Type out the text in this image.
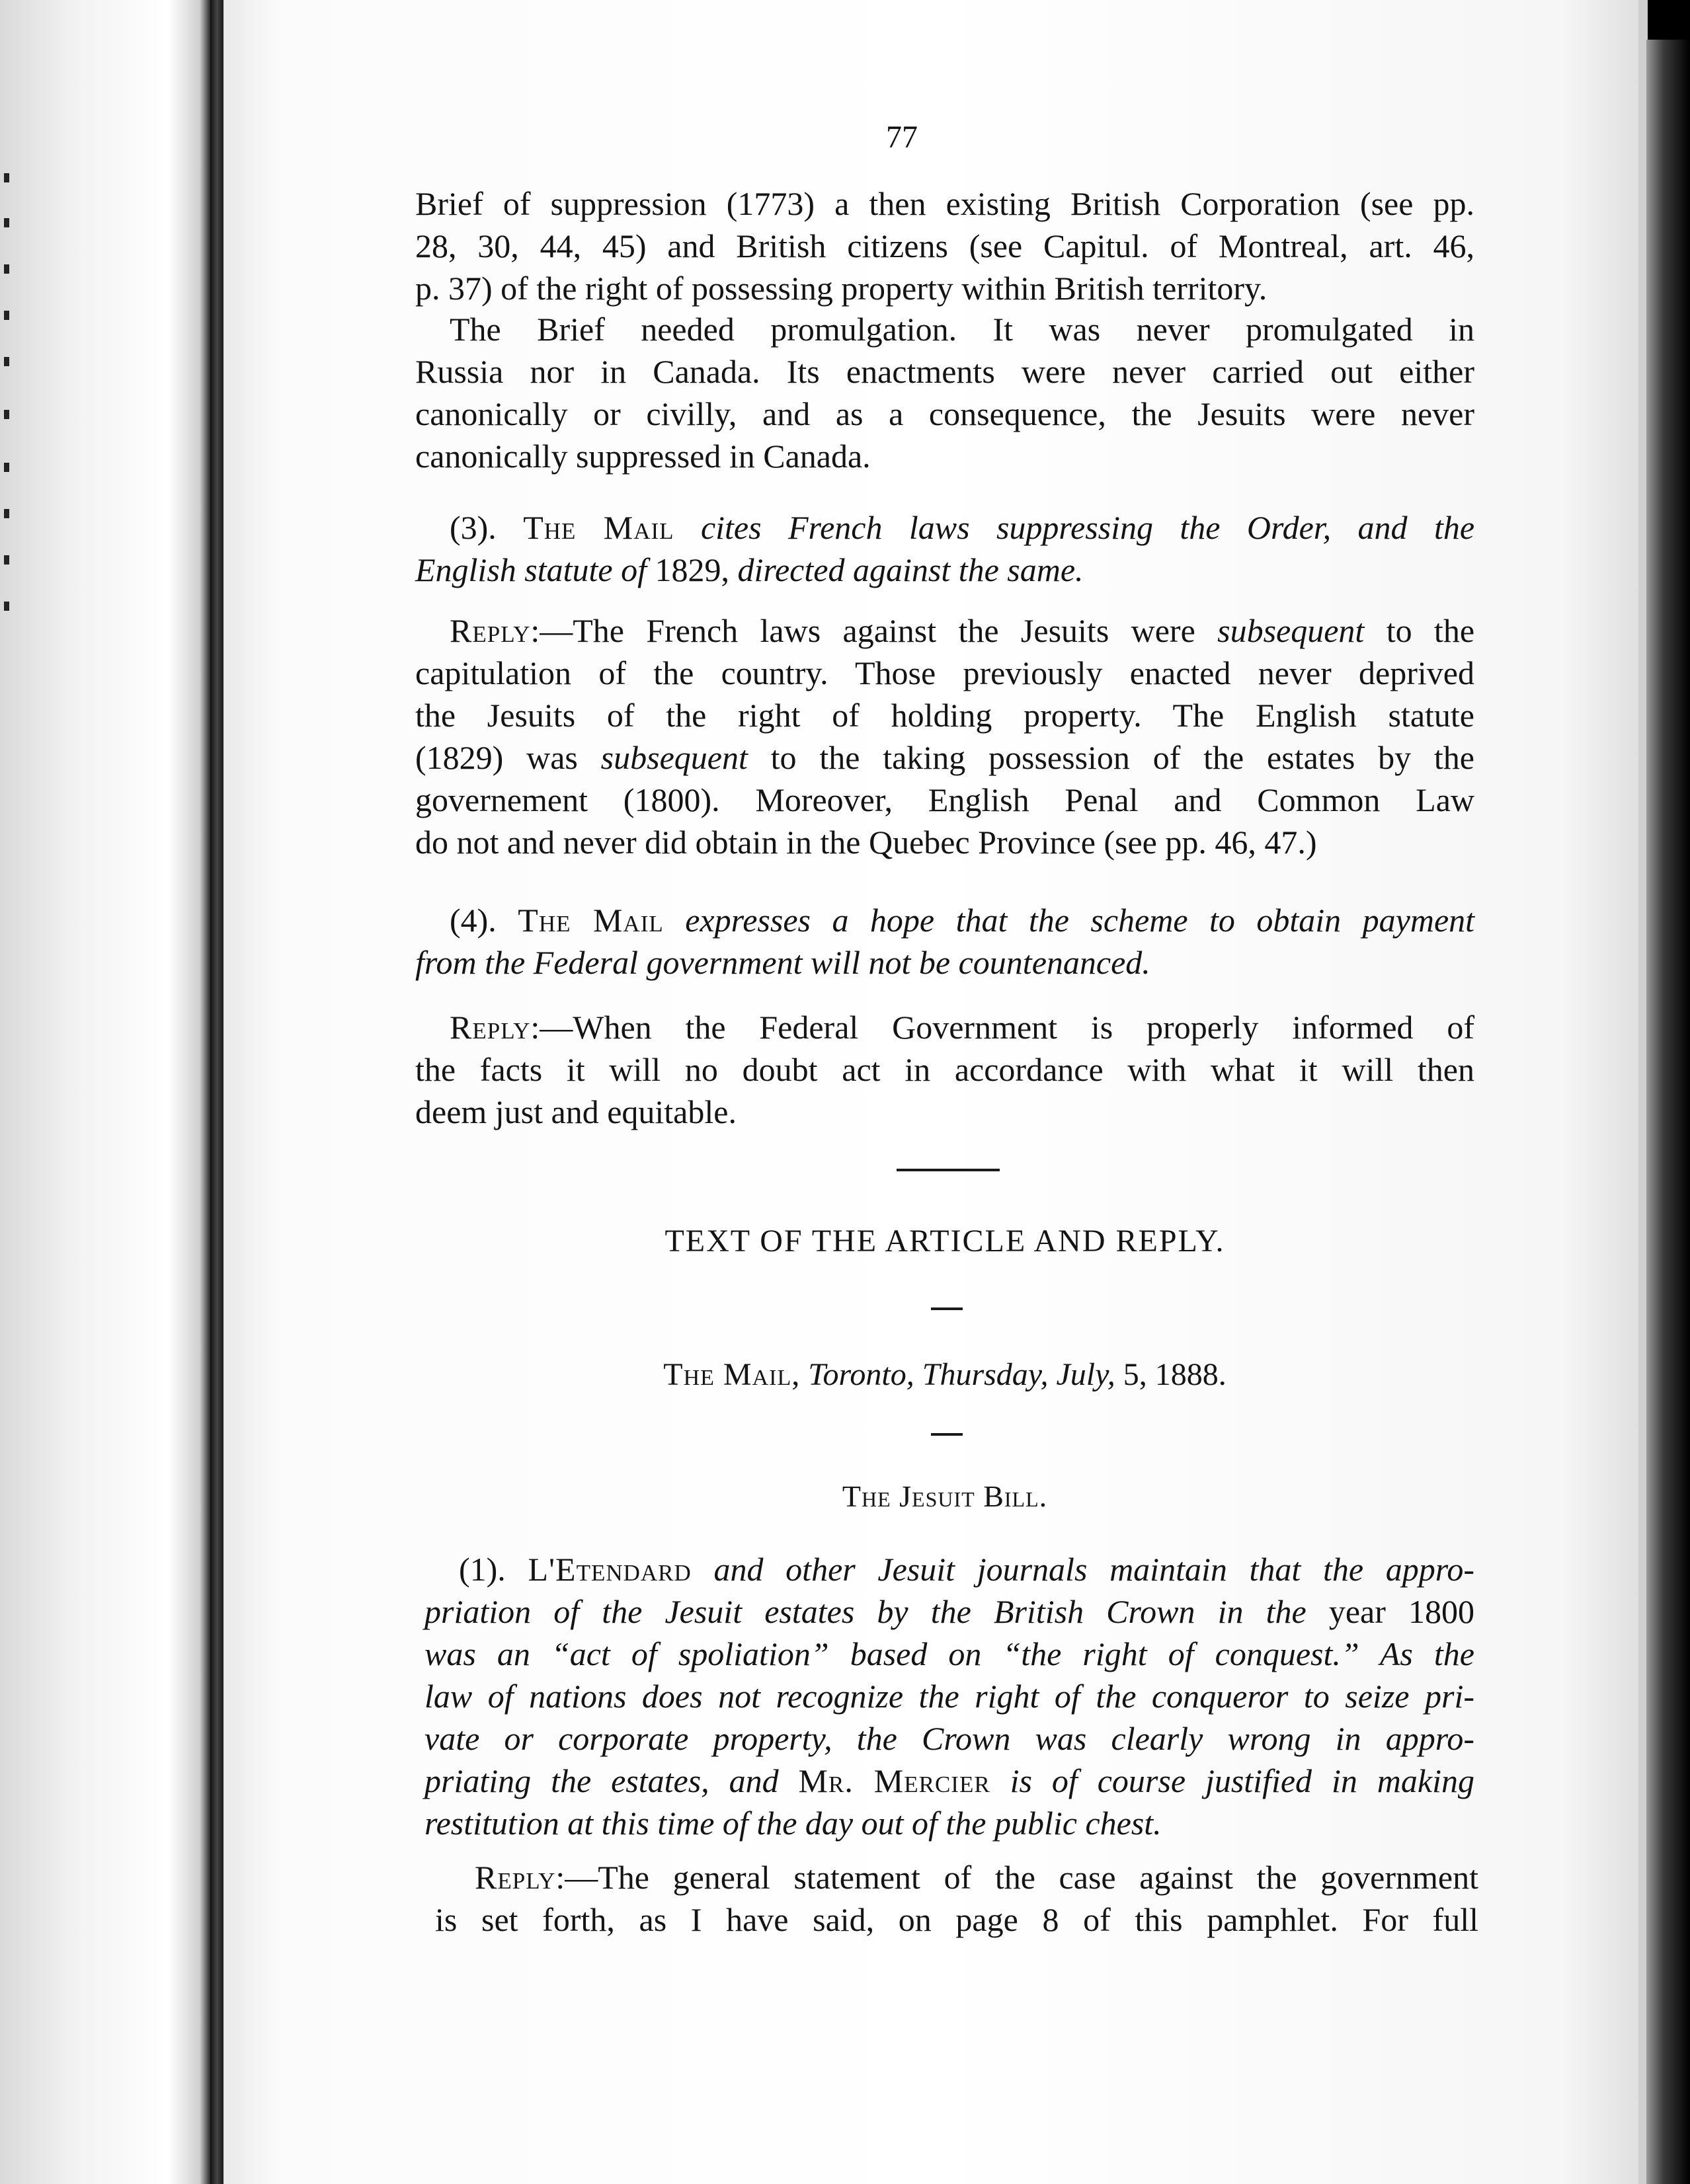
77
Brief of suppression (1773) a then existing British Corporation (see pp.
28, 30, 44, 45) and British citizens (see Capitul. of Montreal, art. 46,
p. 37) of the right of possessing property within British territory.
The Brief needed promulgation. It was never promulgated in
Russia nor in Canada. Its enactments were never carried out either
canonically or civilly, and as a consequence, the Jesuits were never
canonically suppressed in Canada.
(3). The Mail cites French laws suppressing the Order, and the
English statute of 1829, directed against the same.
Reply:—The French laws against the Jesuits were subsequent to the
capitulation of the country. Those previously enacted never deprived
the Jesuits of the right of holding property. The English statute
(1829) was subsequent to the taking possession of the estates by the
governement (1800). Moreover, English Penal and Common Law
do not and never did obtain in the Quebec Province (see pp. 46, 47.)
(4). The Mail expresses a hope that the scheme to obtain payment
from the Federal government will not be countenanced.
Reply:—When the Federal Government is properly informed of
the facts it will no doubt act in accordance with what it will then
deem just and equitable.
TEXT OF THE ARTICLE AND REPLY.
The Mail, Toronto, Thursday, July, 5, 1888.
The Jesuit Bill.
(1). L'Etendard and other Jesuit journals maintain that the appro-
priation of the Jesuit estates by the British Crown in the year 1800
was an “act of spoliation” based on “the right of conquest.” As the
law of nations does not recognize the right of the conqueror to seize pri-
vate or corporate property, the Crown was clearly wrong in appro-
priating the estates, and Mr. Mercier is of course justified in making
restitution at this time of the day out of the public chest.
Reply:—The general statement of the case against the government
is set forth, as I have said, on page 8 of this pamphlet. For full
